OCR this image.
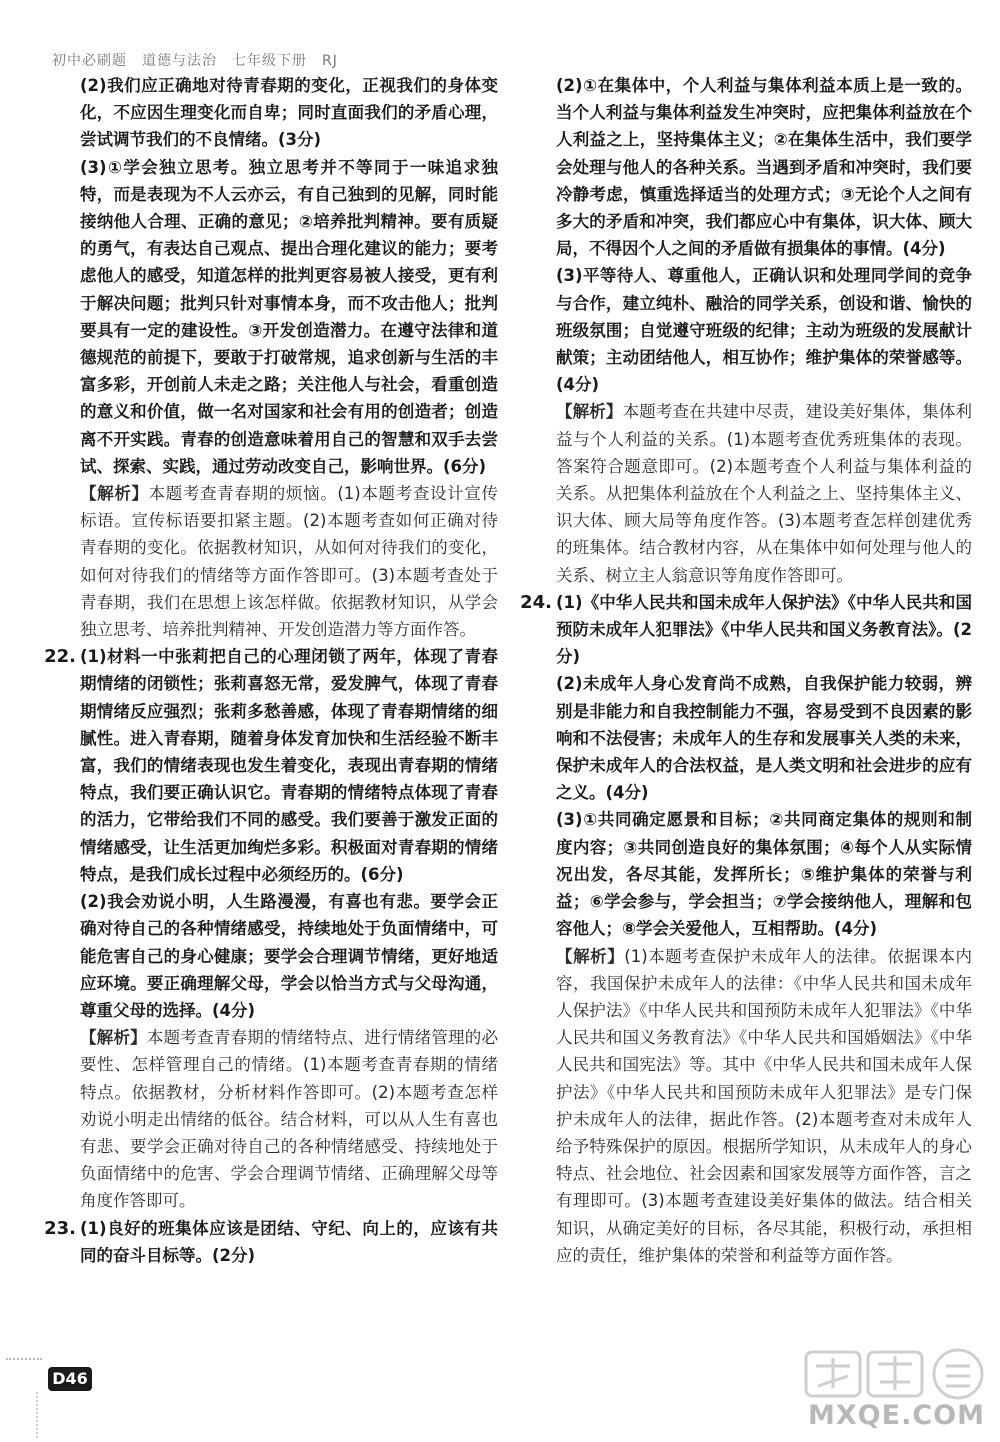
初中必刷题　道德与法治　七年级下册　RJ

(2)我们应正确地对待青春期的变化，正视我们的身体变化，不应因生理变化而自卑；同时直面我们的矛盾心理，尝试调节我们的不良情绪。(3分)

(3)①学会独立思考。独立思考并不等同于一味追求独特，而是表现为不人云亦云，有自己独到的见解，同时能接纳他人合理、正确的意见；②培养批判精神。要有质疑的勇气，有表达自己观点、提出合理化建议的能力；要考虑他人的感受，知道怎样的批判更容易被人接受，更有利于解决问题；批判只针对事情本身，而不攻击他人；批判要具有一定的建设性。③开发创造潜力。在遵守法律和道德规范的前提下，要敢于打破常规，追求创新与生活的丰富多彩，开创前人未走之路；关注他人与社会，看重创造的意义和价值，做一名对国家和社会有用的创造者；创造离不开实践。青春的创造意味着用自己的智慧和双手去尝试、探索、实践，通过劳动改变自己，影响世界。(6分)

【解析】本题考查青春期的烦恼。(1)本题考查设计宣传标语。宣传标语要扣紧主题。(2)本题考查如何正确对待青春期的变化。依据教材知识，从如何对待我们的变化，如何对待我们的情绪等方面作答即可。(3)本题考查处于青春期，我们在思想上该怎样做。依据教材知识，从学会独立思考、培养批判精神、开发创造潜力等方面作答。

22. (1)材料一中张莉把自己的心理闭锁了两年，体现了青春期情绪的闭锁性；张莉喜怒无常，爱发脾气，体现了青春期情绪反应强烈；张莉多愁善感，体现了青春期情绪的细腻性。进入青春期，随着身体发育加快和生活经验不断丰富，我们的情绪表现也发生着变化，表现出青春期的情绪特点，我们要正确认识它。青春期的情绪特点体现了青春的活力，它带给我们不同的感受。我们要善于激发正面的情绪感受，让生活更加绚烂多彩。积极面对青春期的情绪特点，是我们成长过程中必须经历的。(6分)

(2)我会劝说小明，人生路漫漫，有喜也有悲。要学会正确对待自己的各种情绪感受，持续地处于负面情绪中，可能危害自己的身心健康；要学会合理调节情绪，更好地适应环境。要正确理解父母，学会以恰当方式与父母沟通，尊重父母的选择。(4分)

【解析】本题考查青春期的情绪特点、进行情绪管理的必要性、怎样管理自己的情绪。(1)本题考查青春期的情绪特点。依据教材，分析材料作答即可。(2)本题考查怎样劝说小明走出情绪的低谷。结合材料，可以从人生有喜也有悲、要学会正确对待自己的各种情绪感受、持续地处于负面情绪中的危害、学会合理调节情绪、正确理解父母等角度作答即可。

23. (1)良好的班集体应该是团结、守纪、向上的，应该有共同的奋斗目标等。(2分)

(2)①在集体中，个人利益与集体利益本质上是一致的。当个人利益与集体利益发生冲突时，应把集体利益放在个人利益之上，坚持集体主义；②在集体生活中，我们要学会处理与他人的各种关系。当遇到矛盾和冲突时，我们要冷静考虑，慎重选择适当的处理方式；③无论个人之间有多大的矛盾和冲突，我们都应心中有集体，识大体、顾大局，不得因个人之间的矛盾做有损集体的事情。(4分)

(3)平等待人、尊重他人，正确认识和处理同学间的竞争与合作，建立纯朴、融洽的同学关系，创设和谐、愉快的班级氛围；自觉遵守班级的纪律；主动为班级的发展献计献策；主动团结他人，相互协作；维护集体的荣誉感等。(4分)

【解析】本题考查在共建中尽责，建设美好集体，集体利益与个人利益的关系。(1)本题考查优秀班集体的表现。答案符合题意即可。(2)本题考查个人利益与集体利益的关系。从把集体利益放在个人利益之上、坚持集体主义、识大体、顾大局等角度作答。(3)本题考查怎样创建优秀的班集体。结合教材内容，从在集体中如何处理与他人的关系、树立主人翁意识等角度作答即可。

24. (1)《中华人民共和国未成年人保护法》《中华人民共和国预防未成年人犯罪法》《中华人民共和国义务教育法》。(2分)

(2)未成年人身心发育尚不成熟，自我保护能力较弱，辨别是非能力和自我控制能力不强，容易受到不良因素的影响和不法侵害；未成年人的生存和发展事关人类的未来，保护未成年人的合法权益，是人类文明和社会进步的应有之义。(4分)

(3)①共同确定愿景和目标；②共同商定集体的规则和制度内容；③共同创造良好的集体氛围；④每个人从实际情况出发，各尽其能，发挥所长；⑤维护集体的荣誉与利益；⑥学会参与，学会担当；⑦学会接纳他人，理解和包容他人；⑧学会关爱他人，互相帮助。(4分)

【解析】(1)本题考查保护未成年人的法律。依据课本内容，我国保护未成年人的法律：《中华人民共和国未成年人保护法》《中华人民共和国预防未成年人犯罪法》《中华人民共和国义务教育法》《中华人民共和国婚姻法》《中华人民共和国宪法》等。其中《中华人民共和国未成年人保护法》《中华人民共和国预防未成年人犯罪法》是专门保护未成年人的法律，据此作答。(2)本题考查对未成年人给予特殊保护的原因。根据所学知识，从未成年人的身心特点、社会地位、社会因素和国家发展等方面作答，言之有理即可。(3)本题考查建设美好集体的做法。结合相关知识，从确定美好的目标，各尽其能，积极行动，承担相应的责任，维护集体的荣誉和利益等方面作答。

D46
MXQE.COM
